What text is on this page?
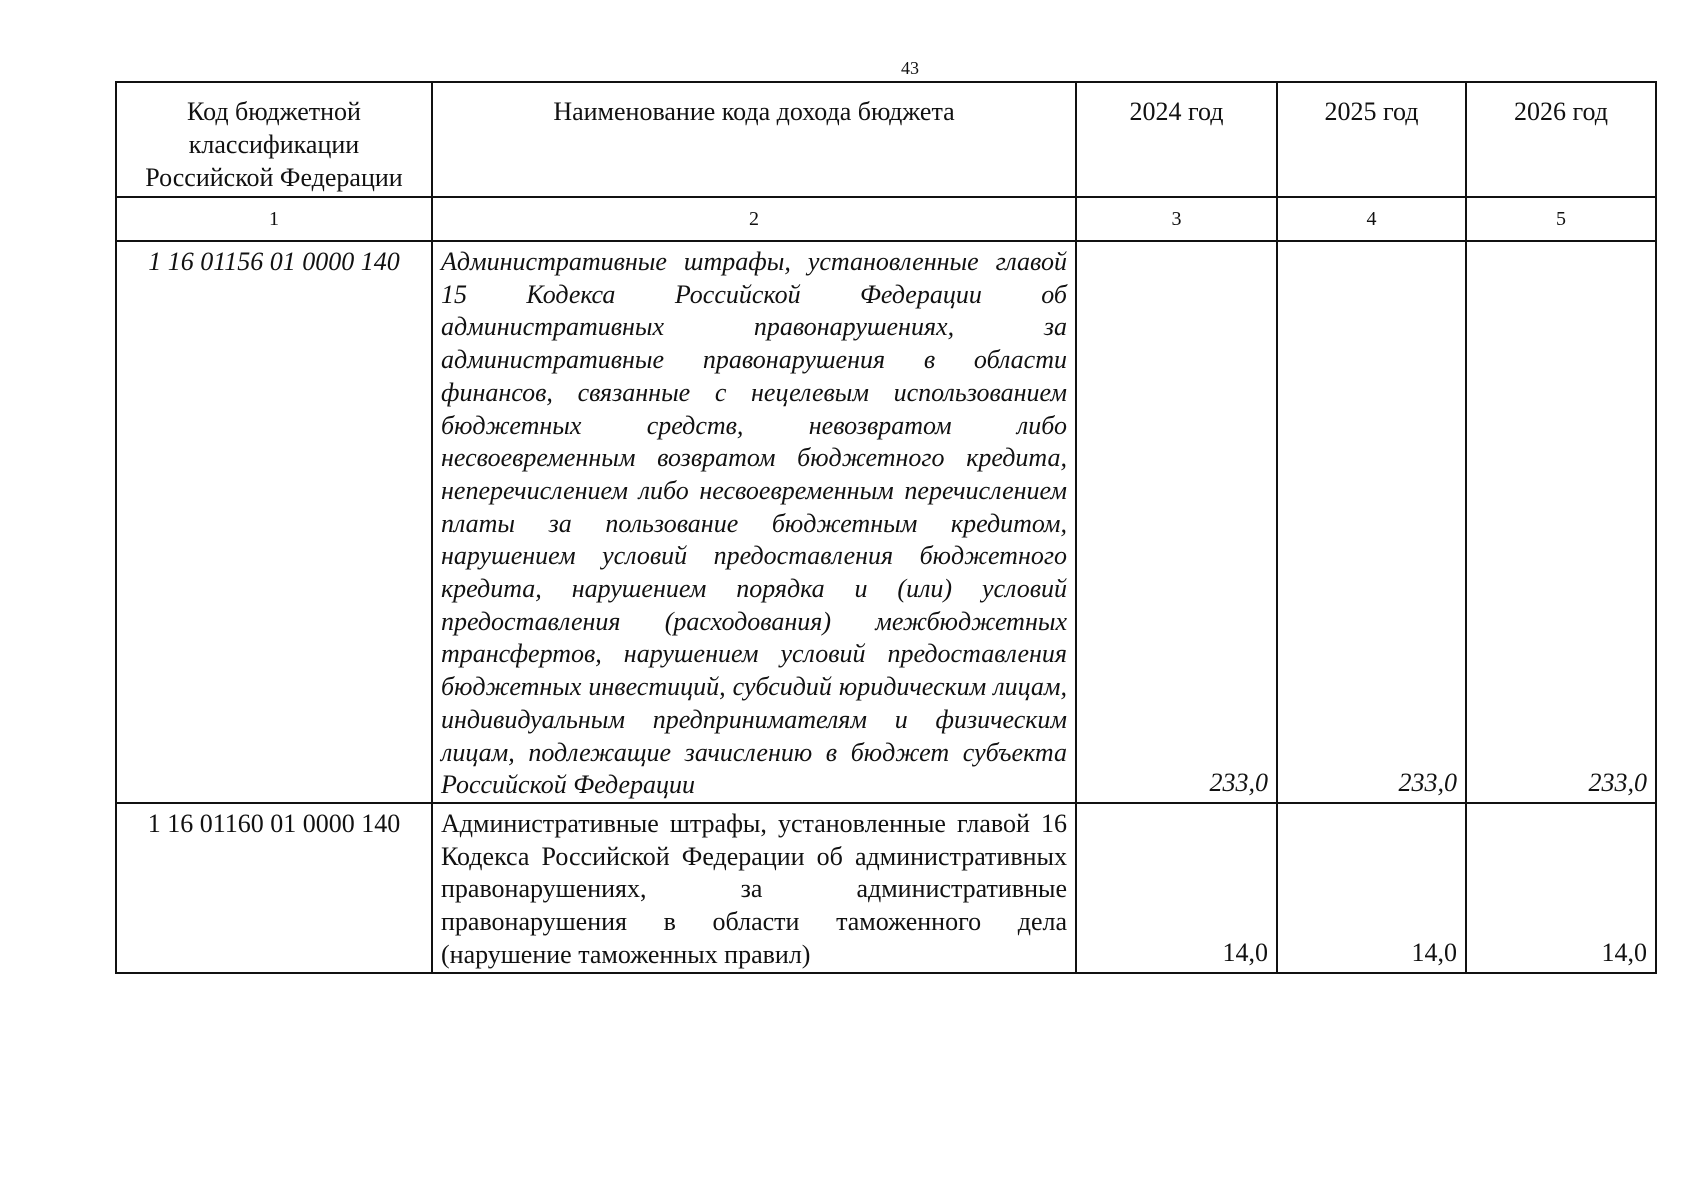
43
Код бюджетной классификации Российской Федерации	Наименование кода дохода бюджета	2024 год	2025 год	2026 год
1	2	3	4	5
1 16 01156 01 0000 140	Административные штрафы, установленные главой 15 Кодекса Российской Федерации об административных правонарушениях, за административные правонарушения в области финансов, связанные с нецелевым использованием бюджетных средств, невозвратом либо несвоевременным возвратом бюджетного кредита, неперечислением либо несвоевременным перечислением платы за пользование бюджетным кредитом, нарушением условий предоставления бюджетного кредита, нарушением порядка и (или) условий предоставления (расходования) межбюджетных трансфертов, нарушением условий предоставления бюджетных инвестиций, субсидий юридическим лицам, индивидуальным предпринимателям и физическим лицам, подлежащие зачислению в бюджет субъекта Российской Федерации	233,0	233,0	233,0
1 16 01160 01 0000 140	Административные штрафы, установленные главой 16 Кодекса Российской Федерации об административных правонарушениях, за административные правонарушения в области таможенного дела (нарушение таможенных правил)	14,0	14,0	14,0
